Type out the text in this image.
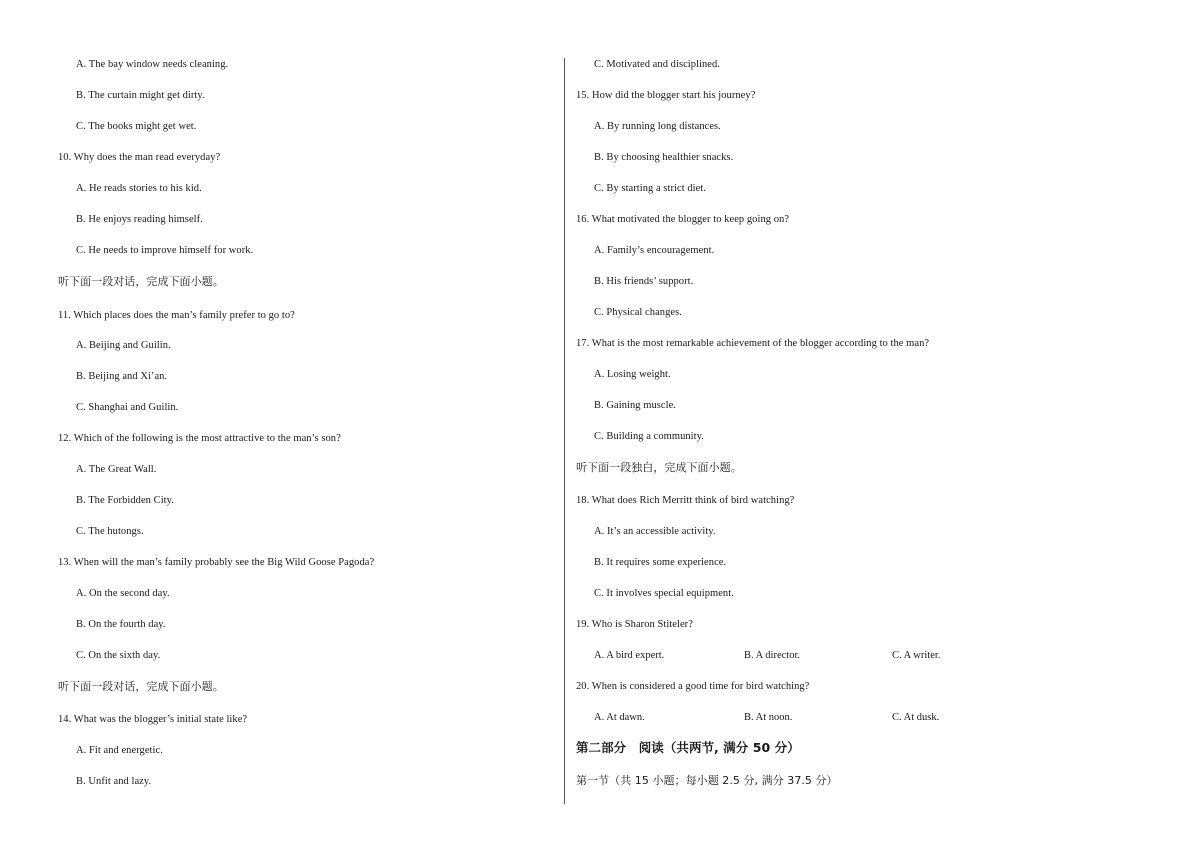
A. The bay window needs cleaning.
B. The curtain might get dirty.
C. The books might get wet.
10. Why does the man read everyday?
A. He reads stories to his kid.
B. He enjoys reading himself.
C. He needs to improve himself for work.
听下面一段对话，完成下面小题。
11. Which places does the man’s family prefer to go to?
A. Beijing and Guilin.
B. Beijing and Xi’an.
C. Shanghai and Guilin.
12. Which of the following is the most attractive to the man’s son?
A. The Great Wall.
B. The Forbidden City.
C. The hutongs.
13. When will the man’s family probably see the Big Wild Goose Pagoda?
A. On the second day.
B. On the fourth day.
C. On the sixth day.
听下面一段对话，完成下面小题。
14. What was the blogger’s initial state like?
A. Fit and energetic.
B. Unfit and lazy.
C. Motivated and disciplined.
15. How did the blogger start his journey?
A. By running long distances.
B. By choosing healthier snacks.
C. By starting a strict diet.
16. What motivated the blogger to keep going on?
A. Family’s encouragement.
B. His friends’ support.
C. Physical changes.
17. What is the most remarkable achievement of the blogger according to the man?
A. Losing weight.
B. Gaining muscle.
C. Building a community.
听下面一段独白，完成下面小题。
18. What does Rich Merritt think of bird watching?
A. It’s an accessible activity.
B. It requires some experience.
C. It involves special equipment.
19. Who is Sharon Stiteler?
A. A bird expert.	B. A director.	C. A writer.
20. When is considered a good time for bird watching?
A. At dawn.	B. At noon.	C. At dusk.
第二部分　阅读（共两节, 满分 50 分）
第一节（共 15 小题；每小题 2.5 分, 满分 37.5 分）
